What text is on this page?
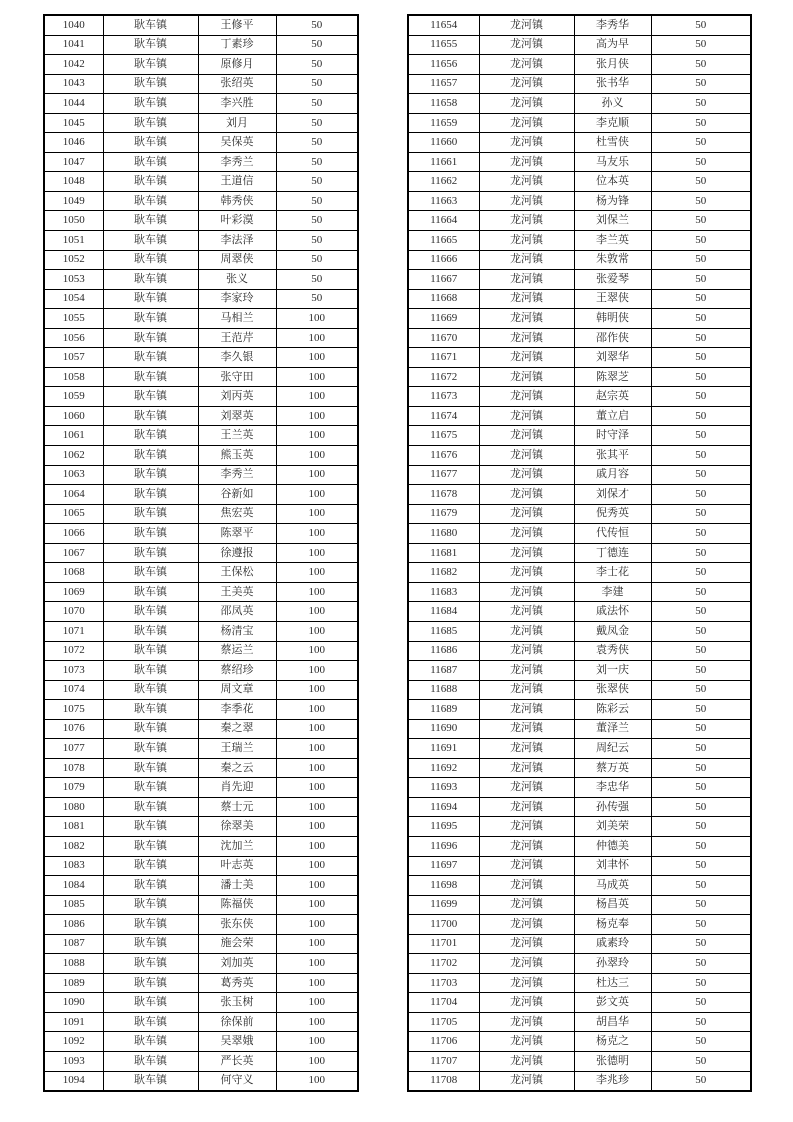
1040	耿车镇	王修平	50
1041	耿车镇	丁素珍	50
1042	耿车镇	原修月	50
1043	耿车镇	张绍英	50
1044	耿车镇	李兴胜	50
1045	耿车镇	刘月	50
1046	耿车镇	吴保英	50
1047	耿车镇	李秀兰	50
1048	耿车镇	王道信	50
1049	耿车镇	韩秀侠	50
1050	耿车镇	叶彩漠	50
1051	耿车镇	李法泽	50
1052	耿车镇	周翠侠	50
1053	耿车镇	张义	50
1054	耿车镇	李家玲	50
1055	耿车镇	马相兰	100
1056	耿车镇	王范芹	100
1057	耿车镇	李久银	100
1058	耿车镇	张守田	100
1059	耿车镇	刘丙英	100
1060	耿车镇	刘翠英	100
1061	耿车镇	王兰英	100
1062	耿车镇	熊玉英	100
1063	耿车镇	李秀兰	100
1064	耿车镇	谷新如	100
1065	耿车镇	焦宏英	100
1066	耿车镇	陈翠平	100
1067	耿车镇	徐遵报	100
1068	耿车镇	王保松	100
1069	耿车镇	王美英	100
1070	耿车镇	邵凤英	100
1071	耿车镇	杨清宝	100
1072	耿车镇	蔡运兰	100
1073	耿车镇	蔡绍珍	100
1074	耿车镇	周文章	100
1075	耿车镇	李季花	100
1076	耿车镇	秦之翠	100
1077	耿车镇	王瑞兰	100
1078	耿车镇	秦之云	100
1079	耿车镇	肖先迎	100
1080	耿车镇	蔡士元	100
1081	耿车镇	徐翠美	100
1082	耿车镇	沈加兰	100
1083	耿车镇	叶志英	100
1084	耿车镇	潘士美	100
1085	耿车镇	陈福侠	100
1086	耿车镇	张东侠	100
1087	耿车镇	施会荣	100
1088	耿车镇	刘加英	100
1089	耿车镇	葛秀英	100
1090	耿车镇	张玉树	100
1091	耿车镇	徐保前	100
1092	耿车镇	吴翠娥	100
1093	耿车镇	严长英	100
1094	耿车镇	何守义	100
11654	龙河镇	李秀华	50
11655	龙河镇	高为早	50
11656	龙河镇	张月侠	50
11657	龙河镇	张书华	50
11658	龙河镇	孙义	50
11659	龙河镇	李克顺	50
11660	龙河镇	杜雪侠	50
11661	龙河镇	马友乐	50
11662	龙河镇	位本英	50
11663	龙河镇	杨为锋	50
11664	龙河镇	刘保兰	50
11665	龙河镇	李兰英	50
11666	龙河镇	朱敦常	50
11667	龙河镇	张爱琴	50
11668	龙河镇	王翠侠	50
11669	龙河镇	韩明侠	50
11670	龙河镇	邵作侠	50
11671	龙河镇	刘翠华	50
11672	龙河镇	陈翠芝	50
11673	龙河镇	赵宗英	50
11674	龙河镇	董立启	50
11675	龙河镇	时守泽	50
11676	龙河镇	张其平	50
11677	龙河镇	戚月容	50
11678	龙河镇	刘保才	50
11679	龙河镇	倪秀英	50
11680	龙河镇	代传恒	50
11681	龙河镇	丁德连	50
11682	龙河镇	李士花	50
11683	龙河镇	李建	50
11684	龙河镇	戚法怀	50
11685	龙河镇	戴凤金	50
11686	龙河镇	袁秀侠	50
11687	龙河镇	刘一庆	50
11688	龙河镇	张翠侠	50
11689	龙河镇	陈彩云	50
11690	龙河镇	董泽兰	50
11691	龙河镇	周纪云	50
11692	龙河镇	蔡万英	50
11693	龙河镇	李忠华	50
11694	龙河镇	孙传强	50
11695	龙河镇	刘美荣	50
11696	龙河镇	仲德美	50
11697	龙河镇	刘聿怀	50
11698	龙河镇	马成英	50
11699	龙河镇	杨昌英	50
11700	龙河镇	杨克奉	50
11701	龙河镇	戚素玲	50
11702	龙河镇	孙翠玲	50
11703	龙河镇	杜达三	50
11704	龙河镇	彭文英	50
11705	龙河镇	胡昌华	50
11706	龙河镇	杨克之	50
11707	龙河镇	张德明	50
11708	龙河镇	李兆珍	50
